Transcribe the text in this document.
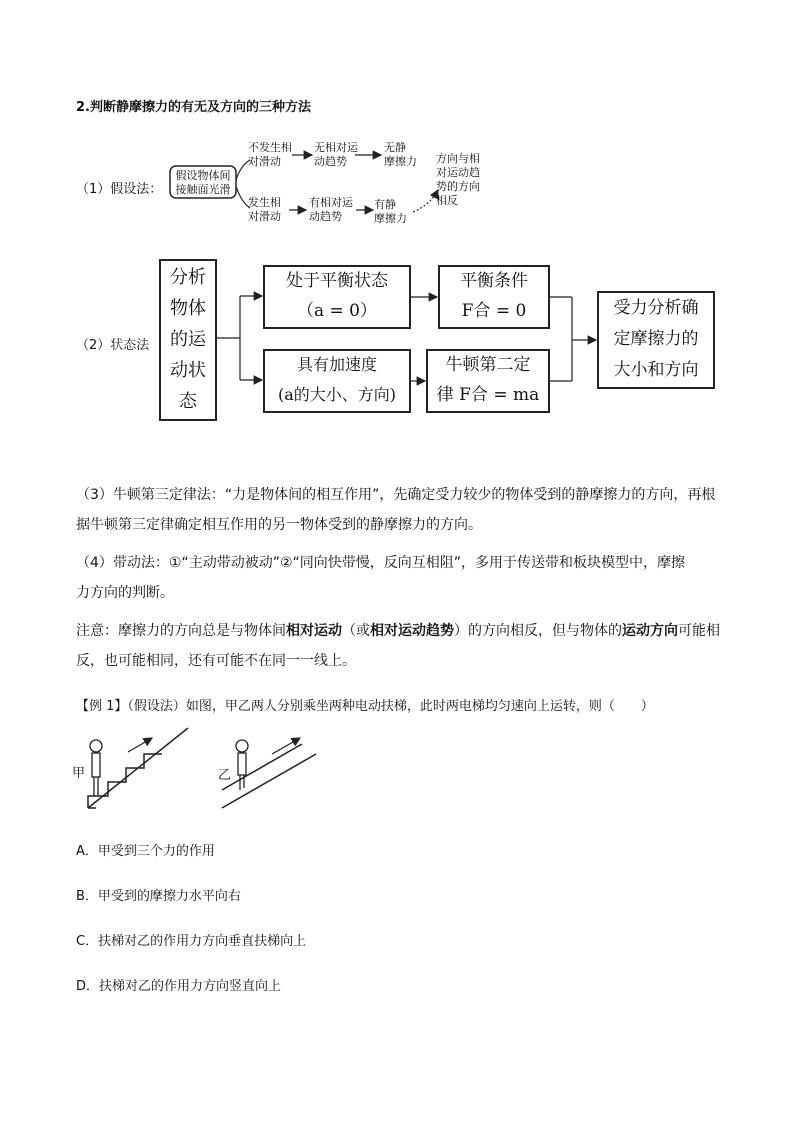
2.判断静摩擦力的有无及方向的三种方法
（1）假设法：
假设物体间
接触面光滑
不发生相
对滑动
无相对运
动趋势
无静
摩擦力
发生相
对滑动
有相对运
动趋势
有静
摩擦力
方向与相
对运动趋
势的方向
相反
（2）状态法
分析
物体
的运
动状
态
处于平衡状态
（a = 0）
平衡条件
F合 = 0
具有加速度
(a的大小、方向)
牛顿第二定
律 F合 = ma
受力分析确
定摩擦力的
大小和方向
（3）牛顿第三定律法：“力是物体间的相互作用”，先确定受力较少的物体受到的静摩擦力的方向，再根
据牛顿第三定律确定相互作用的另一物体受到的静摩擦力的方向。
（4）带动法：①“主动带动被动”②“同向快带慢，反向互相阻”，多用于传送带和板块模型中，摩擦
力方向的判断。
注意：摩擦力的方向总是与物体间相对运动（或相对运动趋势）的方向相反，但与物体的运动方向可能相
反，也可能相同，还有可能不在同一一线上。
【例 1】（假设法）如图，甲乙两人分别乘坐两种电动扶梯，此时两电梯均匀速向上运转，则（　　）
甲	乙
A．甲受到三个力的作用
B．甲受到的摩擦力水平向右
C．扶梯对乙的作用力方向垂直扶梯向上
D．扶梯对乙的作用力方向竖直向上
